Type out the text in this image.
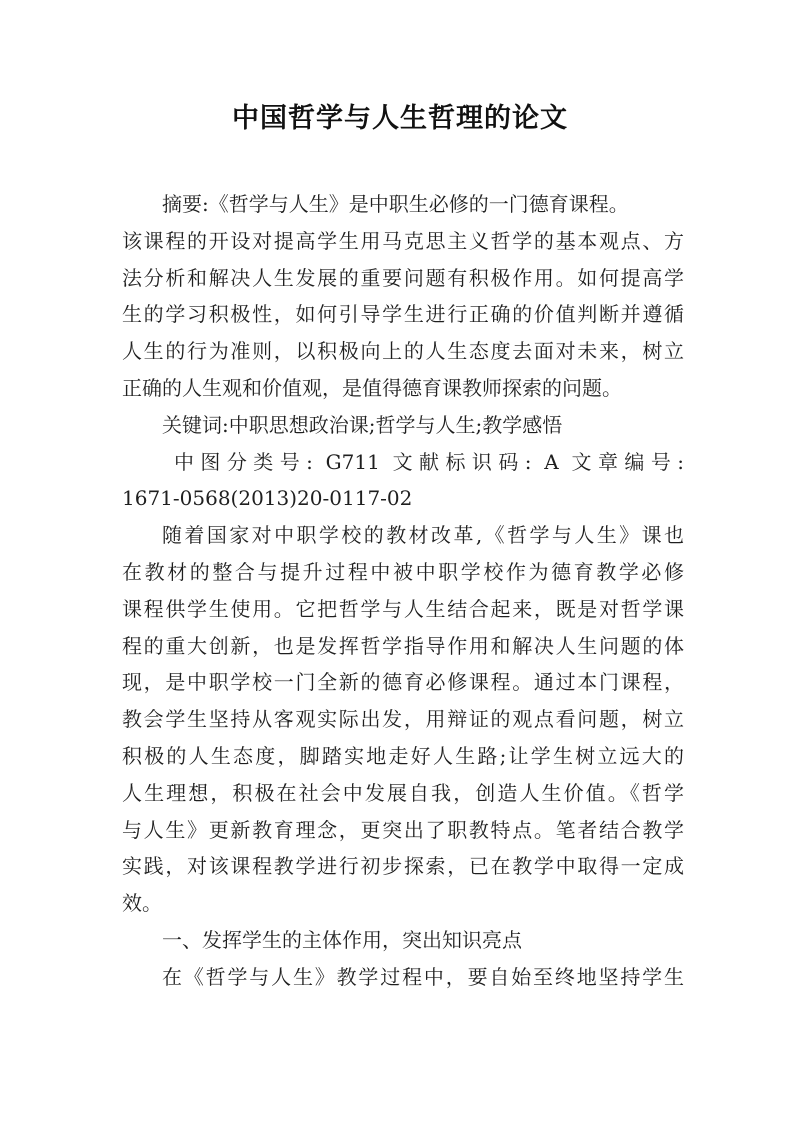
中国哲学与人生哲理的论文
摘要:《哲学与人生》是中职生必修的一门德育课程。
该课程的开设对提高学生用马克思主义哲学的基本观点、方
法分析和解决人生发展的重要问题有积极作用。如何提高学
生的学习积极性，如何引导学生进行正确的价值判断并遵循
人生的行为准则，以积极向上的人生态度去面对未来，树立
正确的人生观和价值观，是值得德育课教师探索的问题。
关键词:中职思想政治课;哲学与人生;教学感悟
中图分类号: G711 文献标识码: A 文章编号:
1671-0568(2013)20-0117-02
随着国家对中职学校的教材改革,《哲学与人生》课也
在教材的整合与提升过程中被中职学校作为德育教学必修
课程供学生使用。它把哲学与人生结合起来，既是对哲学课
程的重大创新，也是发挥哲学指导作用和解决人生问题的体
现，是中职学校一门全新的德育必修课程。通过本门课程，
教会学生坚持从客观实际出发，用辩证的观点看问题，树立
积极的人生态度，脚踏实地走好人生路;让学生树立远大的
人生理想，积极在社会中发展自我，创造人生价值。《哲学
与人生》更新教育理念，更突出了职教特点。笔者结合教学
实践，对该课程教学进行初步探索，已在教学中取得一定成
效。
一、发挥学生的主体作用，突出知识亮点
在《哲学与人生》教学过程中，要自始至终地坚持学生
